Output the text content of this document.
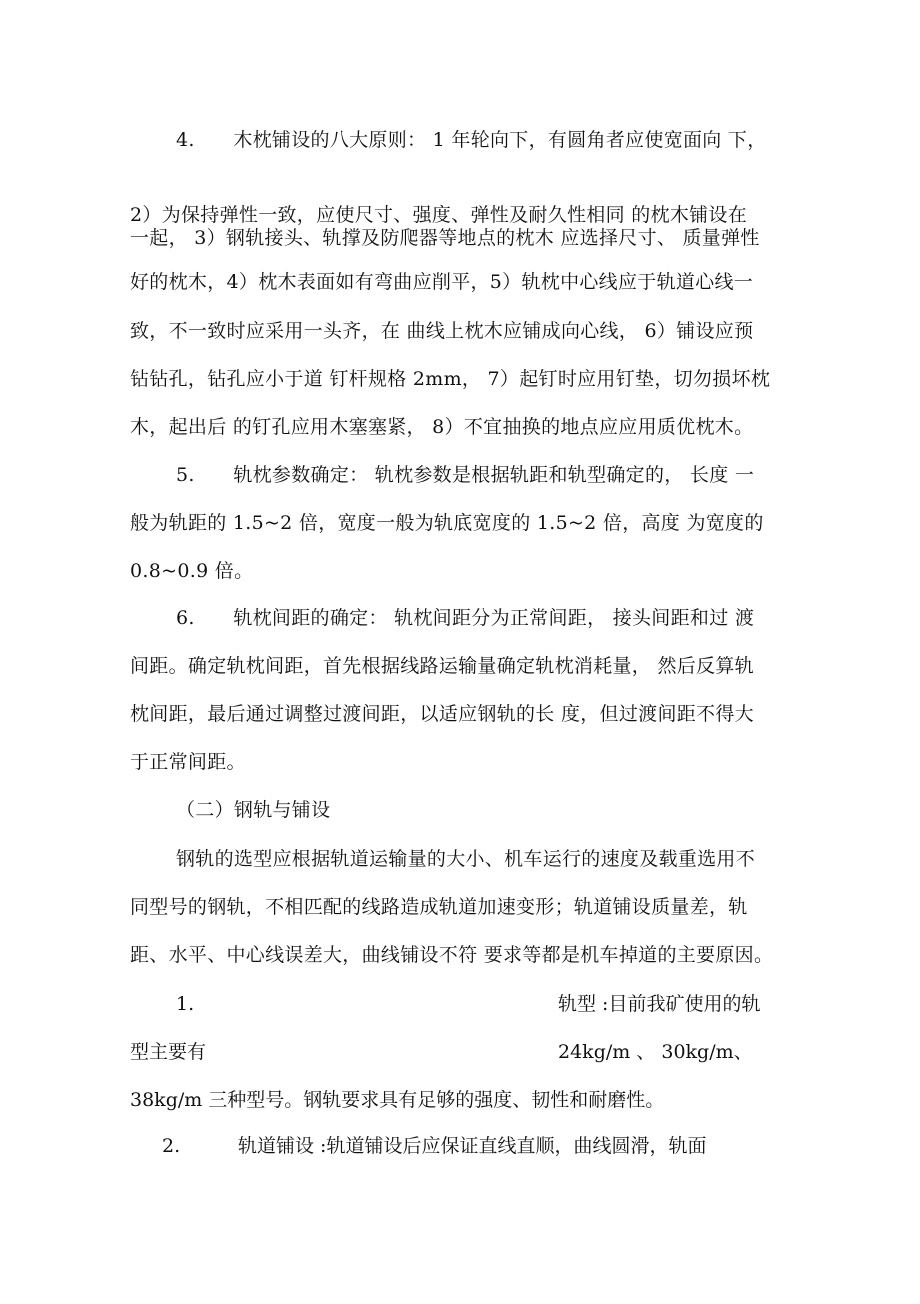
4.　　木枕铺设的八大原则： 1 年轮向下，有圆角者应使宽面向 下，
2）为保持弹性一致，应使尺寸、强度、弹性及耐久性相同 的枕木铺设在
一起， 3）钢轨接头、轨撑及防爬器等地点的枕木 应选择尺寸、 质量弹性
好的枕木，4）枕木表面如有弯曲应削平，5）轨枕中心线应于轨道心线一
致，不一致时应采用一头齐，在 曲线上枕木应铺成向心线， 6）铺设应预
钻钻孔，钻孔应小于道 钉杆规格 2mm， 7）起钉时应用钉垫，切勿损坏枕
木，起出后 的钉孔应用木塞塞紧， 8）不宜抽换的地点应应用质优枕木。
5.　　轨枕参数确定： 轨枕参数是根据轨距和轨型确定的， 长度 一
般为轨距的 1.5~2 倍，宽度一般为轨底宽度的 1.5~2 倍，高度 为宽度的
0.8~0.9 倍。
6.　　轨枕间距的确定： 轨枕间距分为正常间距， 接头间距和过 渡
间距。确定轨枕间距，首先根据线路运输量确定轨枕消耗量， 然后反算轨
枕间距，最后通过调整过渡间距，以适应钢轨的长 度，但过渡间距不得大
于正常间距。
（二）钢轨与铺设
钢轨的选型应根据轨道运输量的大小、机车运行的速度及载重选用不
同型号的钢轨，不相匹配的线路造成轨道加速变形；轨道铺设质量差，轨
距、水平、中心线误差大，曲线铺设不符 要求等都是机车掉道的主要原因。
1.	轨型 :目前我矿使用的轨
型主要有	24kg/m 、 30kg/m、
38kg/m 三种型号。钢轨要求具有足够的强度、韧性和耐磨性。
2.	轨道铺设 :轨道铺设后应保证直线直顺，曲线圆滑，轨面
